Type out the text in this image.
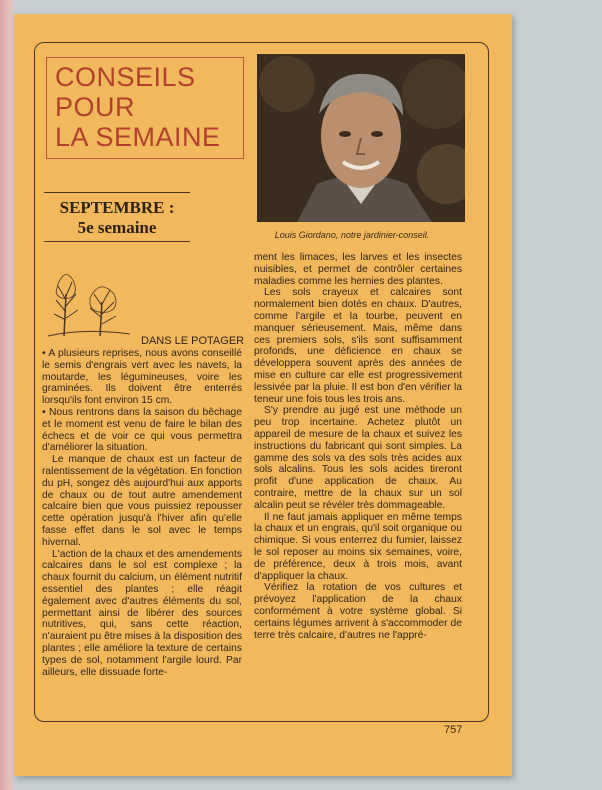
CONSEILS
POUR
LA SEMAINE
Louis Giordano, notre jardinier-conseil.
SEPTEMBRE :
5e semaine
DANS LE POTAGER

• A plusieurs reprises, nous avons conseillé le semis d'engrais vert avec les navets, la moutarde, les légumineuses, voire les graminées. Ils doivent être enterrés lorsqu'ils font environ 15 cm.

• Nous rentrons dans la saison du bêchage et le moment est venu de faire le bilan des échecs et de voir ce qui vous permettra d'améliorer la situation.

Le manque de chaux est un facteur de ralentissement de la végétation. En fonction du pH, songez dès aujourd'hui aux apports de chaux ou de tout autre amendement calcaire bien que vous puissiez repousser cette opération jusqu'à l'hiver afin qu'elle fasse effet dans le sol avec le temps hivernal.

L'action de la chaux et des amendements calcaires dans le sol est complexe ; la chaux fournit du calcium, un élément nutritif essentiel des plantes ; elle réagit également avec d'autres éléments du sol, permettant ainsi de libérer des sources nutritives, qui, sans cette réaction, n'auraient pu être mises à la disposition des plantes ; elle améliore la texture de certains types de sol, notamment l'argile lourd. Par ailleurs, elle dissuade forte-

ment les limaces, les larves et les insectes nuisibles, et permet de contrôler certaines maladies comme les hernies des plantes.

Les sols crayeux et calcaires sont normalement bien dotés en chaux. D'autres, comme l'argile et la tourbe, peuvent en manquer sérieusement. Mais, même dans ces premiers sols, s'ils sont suffisamment profonds, une déficience en chaux se développera souvent après des années de mise en culture car elle est progressivement lessivée par la pluie. Il est bon d'en vérifier la teneur une fois tous les trois ans.

S'y prendre au jugé est une méthode un peu trop incertaine. Achetez plutôt un appareil de mesure de la chaux et suivez les instructions du fabricant qui sont simples. La gamme des sols va des sols très acides aux sols alcalins. Tous les sols acides tireront profit d'une application de chaux. Au contraire, mettre de la chaux sur un sol alcalin peut se révéler très dommageable.

Il ne faut jamais appliquer en même temps la chaux et un engrais, qu'il soit organique ou chimique. Si vous enterrez du fumier, laissez le sol reposer au moins six semaines, voire, de préférence, deux à trois mois, avant d'appliquer la chaux.

Vérifiez la rotation de vos cultures et prévoyez l'application de la chaux conformément à votre système global. Si certains légumes arrivent à s'accommoder de terre très calcaire, d'autres ne l'appré-

757
